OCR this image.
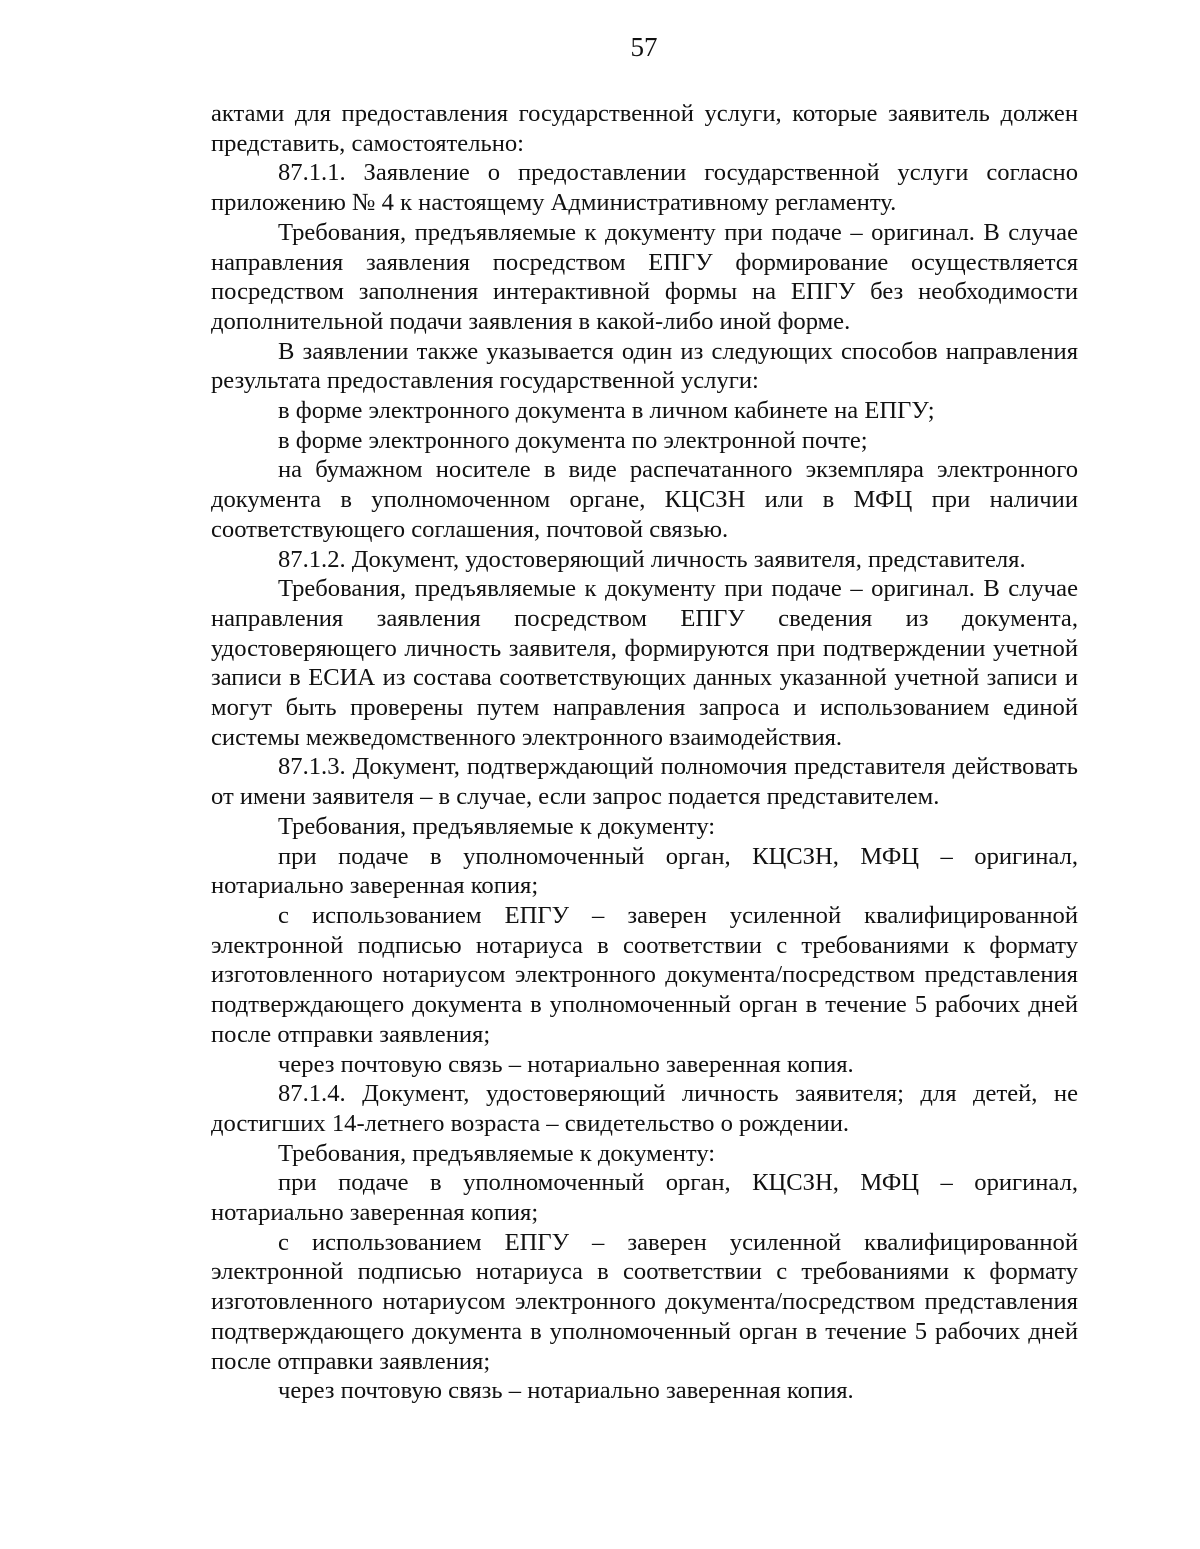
57

актами для предоставления государственной услуги, которые заявитель должен представить, самостоятельно:

87.1.1. Заявление о предоставлении государственной услуги согласно приложению № 4 к настоящему Административному регламенту.

Требования, предъявляемые к документу при подаче – оригинал. В случае направления заявления посредством ЕПГУ формирование осуществляется посредством заполнения интерактивной формы на ЕПГУ без необходимости дополнительной подачи заявления в какой-либо иной форме.

В заявлении также указывается один из следующих способов направления результата предоставления государственной услуги:

в форме электронного документа в личном кабинете на ЕПГУ;

в форме электронного документа по электронной почте;

на бумажном носителе в виде распечатанного экземпляра электронного документа в уполномоченном органе, КЦСЗН или в МФЦ при наличии соответствующего соглашения, почтовой связью.

87.1.2. Документ, удостоверяющий личность заявителя, представителя.

Требования, предъявляемые к документу при подаче – оригинал. В случае направления заявления посредством ЕПГУ сведения из документа, удостоверяющего личность заявителя, формируются при подтверждении учетной записи в ЕСИА из состава соответствующих данных указанной учетной записи и могут быть проверены путем направления запроса и использованием единой системы межведомственного электронного взаимодействия.

87.1.3. Документ, подтверждающий полномочия представителя действовать от имени заявителя – в случае, если запрос подается представителем.

Требования, предъявляемые к документу:

при подаче в уполномоченный орган, КЦСЗН, МФЦ – оригинал, нотариально заверенная копия;

с использованием ЕПГУ – заверен усиленной квалифицированной электронной подписью нотариуса в соответствии с требованиями к формату изготовленного нотариусом электронного документа/посредством представления подтверждающего документа в уполномоченный орган в течение 5 рабочих дней после отправки заявления;

через почтовую связь – нотариально заверенная копия.

87.1.4. Документ, удостоверяющий личность заявителя; для детей, не достигших 14-летнего возраста – свидетельство о рождении.

Требования, предъявляемые к документу:

при подаче в уполномоченный орган, КЦСЗН, МФЦ – оригинал, нотариально заверенная копия;

с использованием ЕПГУ – заверен усиленной квалифицированной электронной подписью нотариуса в соответствии с требованиями к формату изготовленного нотариусом электронного документа/посредством представления подтверждающего документа в уполномоченный орган в течение 5 рабочих дней после отправки заявления;

через почтовую связь – нотариально заверенная копия.
